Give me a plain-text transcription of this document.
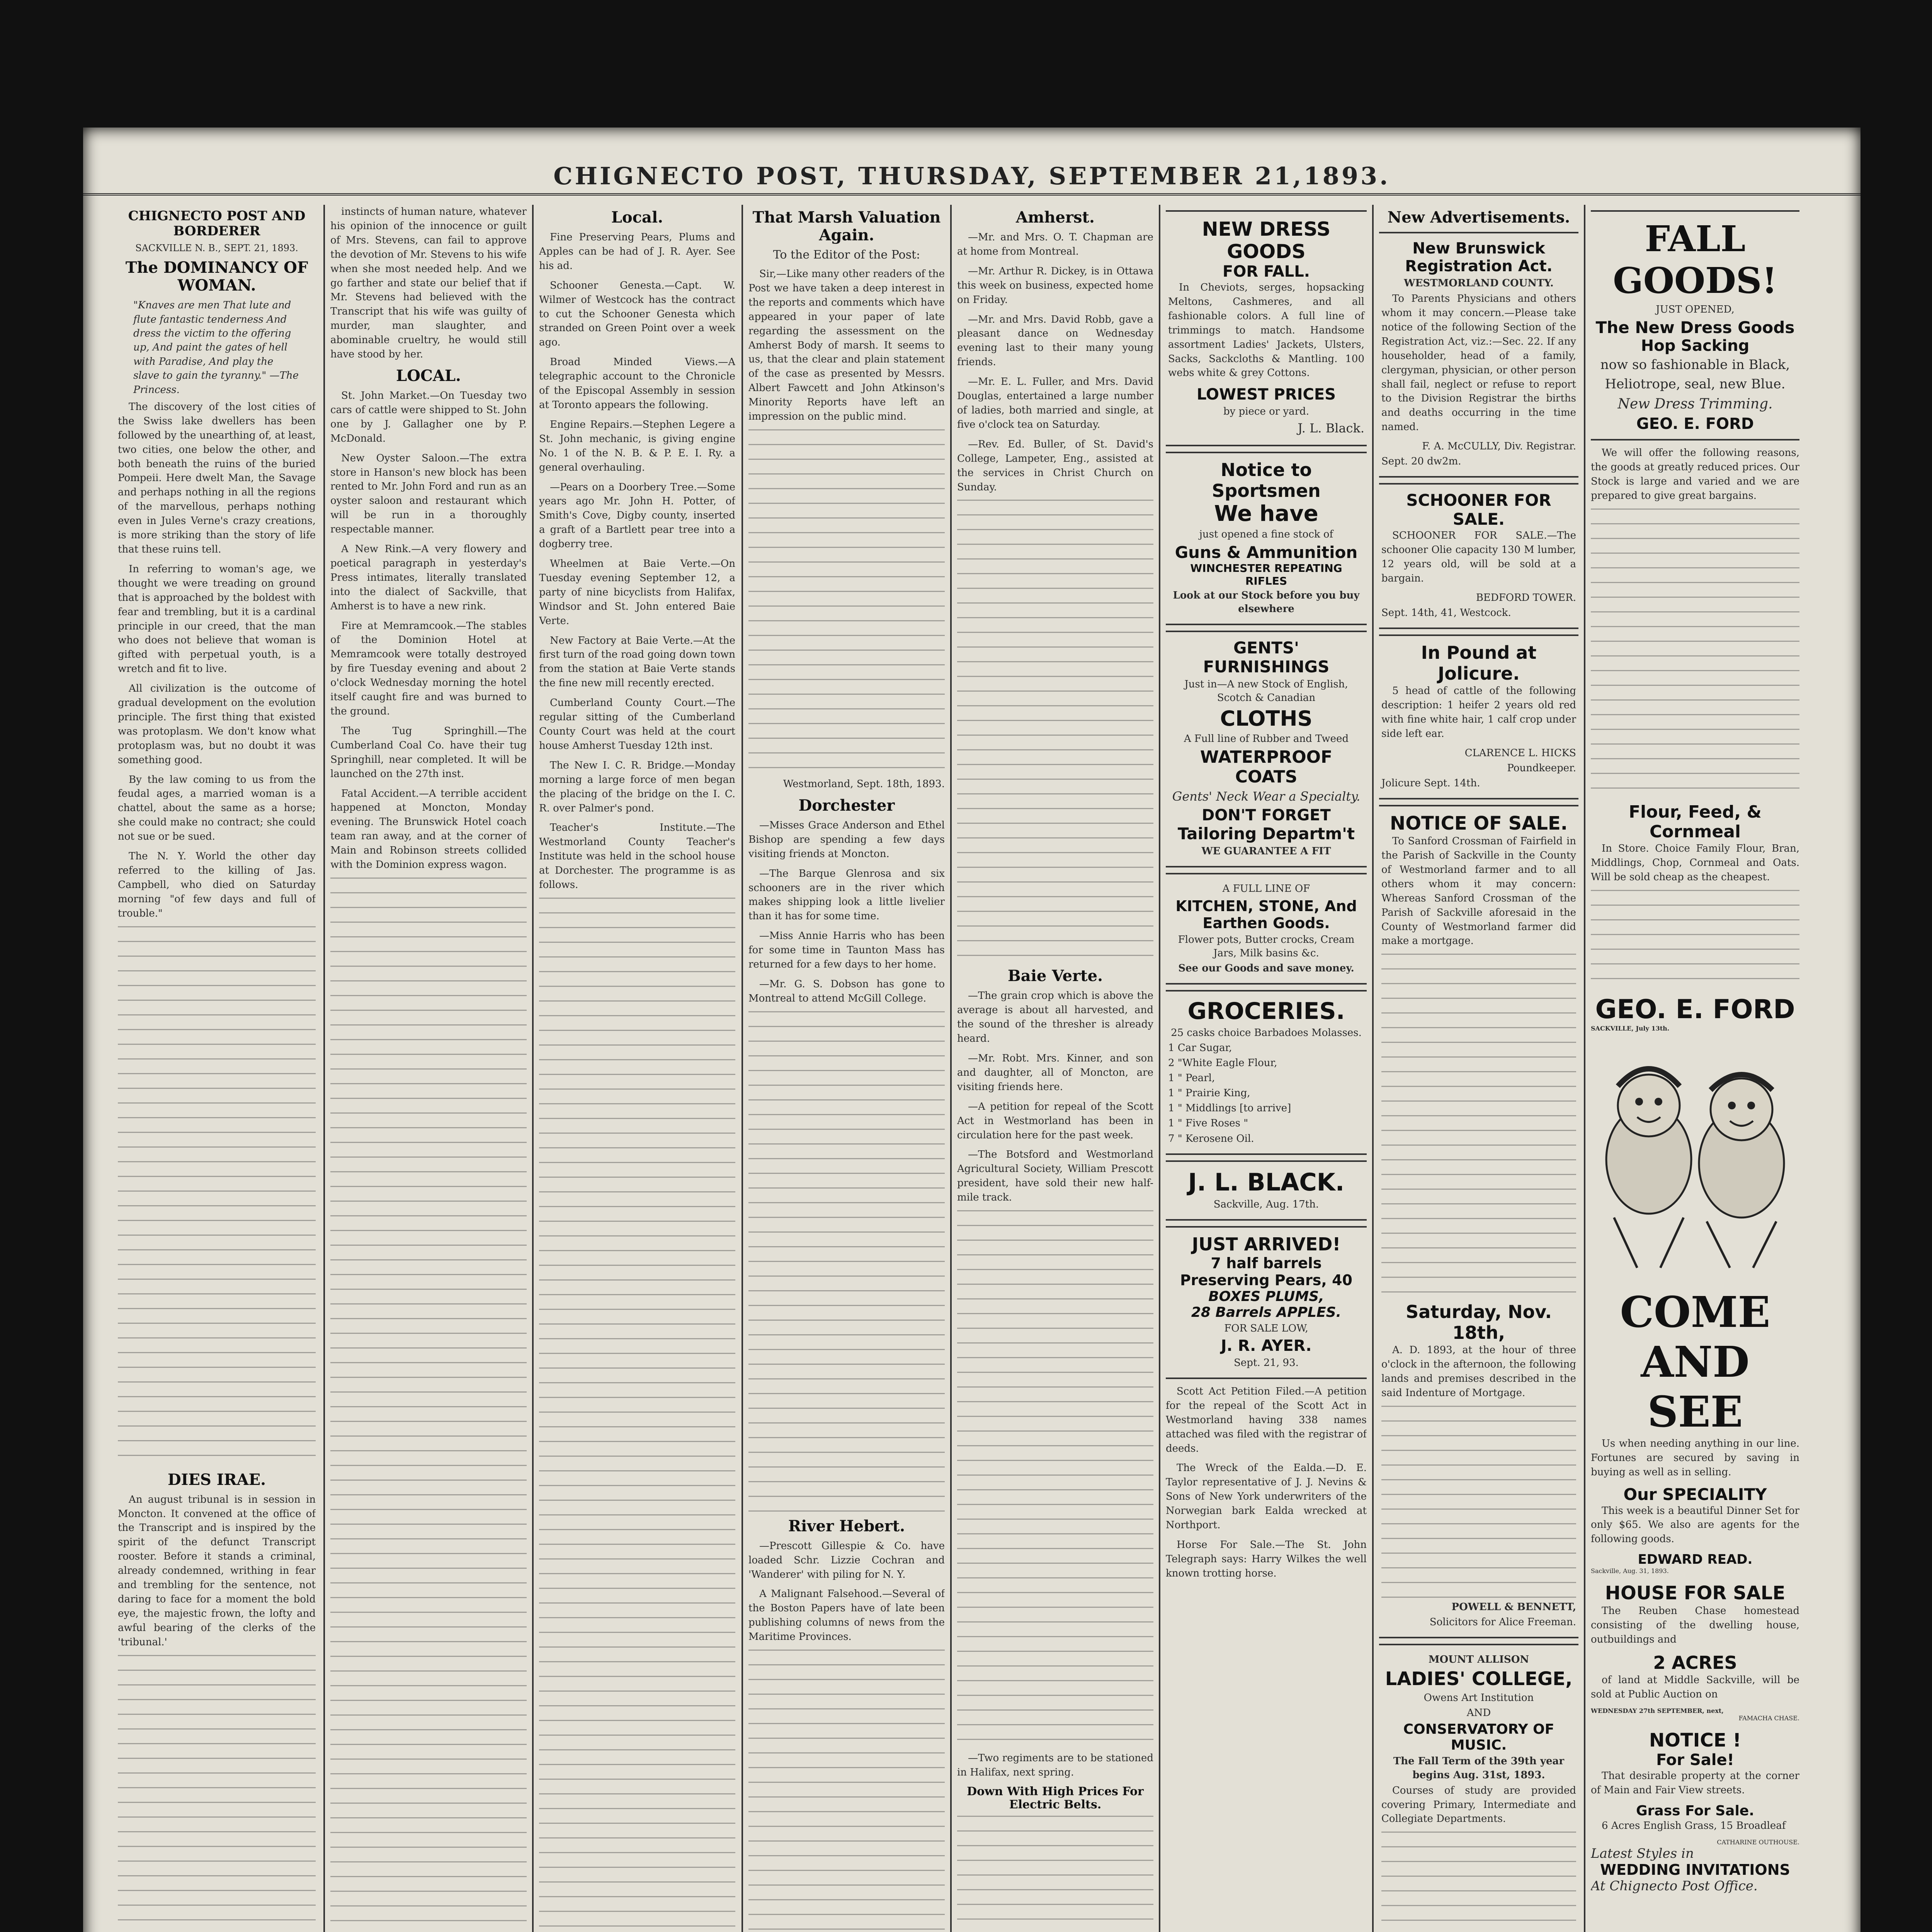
CHIGNECTO POST, THURSDAY, SEPTEMBER 21,1893.
CHIGNECTO POST AND BORDERER
SACKVILLE N. B., SEPT. 21, 1893.
The DOMINANCY OF WOMAN.

"Knaves are men That lute and flute fantastic tenderness And dress the victim to the offering up, And paint the gates of hell with Paradise, And play the slave to gain the tyranny." —The Princess.

The discovery of the lost cities of the Swiss lake dwellers has been followed by the unearthing of, at least, two cities, one below the other, and both beneath the ruins of the buried Pompeii. Here dwelt Man, the Savage and perhaps nothing in all the regions of the marvellous, perhaps nothing even in Jules Verne's crazy creations, is more striking than the story of life that these ruins tell.

In referring to woman's age, we thought we were treading on ground that is approached by the boldest with fear and trembling, but it is a cardinal principle in our creed, that the man who does not believe that woman is gifted with perpetual youth, is a wretch and fit to live.

All civilization is the outcome of gradual development on the evolution principle. The first thing that existed was protoplasm. We don't know what protoplasm was, but no doubt it was something good.

By the law coming to us from the feudal ages, a married woman is a chattel, about the same as a horse; she could make no contract; she could not sue or be sued.

The N. Y. World the other day referred to the killing of Jas. Campbell, who died on Saturday morning "of few days and full of trouble."

DIES IRAE.

An august tribunal is in session in Moncton. It convened at the office of the Transcript and is inspired by the spirit of the defunct Transcript rooster. Before it stands a criminal, already condemned, writhing in fear and trembling for the sentence, not daring to face for a moment the bold eye, the majestic frown, the lofty and awful bearing of the clerks of the 'tribunal.'

instincts of human nature, whatever his opinion of the innocence or guilt of Mrs. Stevens, can fail to approve the devotion of Mr. Stevens to his wife when she most needed help. And we go farther and state our belief that if Mr. Stevens had believed with the Transcript that his wife was guilty of murder, man slaughter, and abominable crueltry, he would still have stood by her.

LOCAL.

St. John Market.—On Tuesday two cars of cattle were shipped to St. John one by J. Gallagher one by P. McDonald.

New Oyster Saloon.—The extra store in Hanson's new block has been rented to Mr. John Ford and run as an oyster saloon and restaurant which will be run in a thoroughly respectable manner.

A New Rink.—A very flowery and poetical paragraph in yesterday's Press intimates, literally translated into the dialect of Sackville, that Amherst is to have a new rink.

Fire at Memramcook.—The stables of the Dominion Hotel at Memramcook were totally destroyed by fire Tuesday evening and about 2 o'clock Wednesday morning the hotel itself caught fire and was burned to the ground.

The Tug Springhill.—The Cumberland Coal Co. have their tug Springhill, near completed. It will be launched on the 27th inst.

Fatal Accident.—A terrible accident happened at Moncton, Monday evening. The Brunswick Hotel coach team ran away, and at the corner of Main and Robinson streets collided with the Dominion express wagon.

Local.

Fine Preserving Pears, Plums and Apples can be had of J. R. Ayer. See his ad.

Schooner Genesta.—Capt. W. Wilmer of Westcock has the contract to cut the Schooner Genesta which stranded on Green Point over a week ago.

Broad Minded Views.—A telegraphic account to the Chronicle of the Episcopal Assembly in session at Toronto appears the following.

Engine Repairs.—Stephen Legere a St. John mechanic, is giving engine No. 1 of the N. B. & P. E. I. Ry. a general overhauling.

—Pears on a Doorbery Tree.—Some years ago Mr. John H. Potter, of Smith's Cove, Digby county, inserted a graft of a Bartlett pear tree into a dogberry tree.

Wheelmen at Baie Verte.—On Tuesday evening September 12, a party of nine bicyclists from Halifax, Windsor and St. John entered Baie Verte.

New Factory at Baie Verte.—At the first turn of the road going down town from the station at Baie Verte stands the fine new mill recently erected.

Cumberland County Court.—The regular sitting of the Cumberland County Court was held at the court house Amherst Tuesday 12th inst.

The New I. C. R. Bridge.—Monday morning a large force of men began the placing of the bridge on the I. C. R. over Palmer's pond.

Teacher's Institute.—The Westmorland County Teacher's Institute was held in the school house at Dorchester. The programme is as follows.

That Marsh Valuation Again.
To the Editor of the Post:

Sir,—Like many other readers of the Post we have taken a deep interest in the reports and comments which have appeared in your paper of late regarding the assessment on the Amherst Body of marsh. It seems to us, that the clear and plain statement of the case as presented by Messrs. Albert Fawcett and John Atkinson's Minority Reports have left an impression on the public mind.

Westmorland, Sept. 18th, 1893.

Dorchester

—Misses Grace Anderson and Ethel Bishop are spending a few days visiting friends at Moncton.

—The Barque Glenrosa and six schooners are in the river which makes shipping look a little livelier than it has for some time.

—Miss Annie Harris who has been for some time in Taunton Mass has returned for a few days to her home.

—Mr. G. S. Dobson has gone to Montreal to attend McGill College.

River Hebert.

—Prescott Gillespie & Co. have loaded Schr. Lizzie Cochran and 'Wanderer' with piling for N. Y.

A Malignant Falsehood.—Several of the Boston Papers have of late been publishing columns of news from the Maritime Provinces.

Amherst.

—Mr. and Mrs. O. T. Chapman are at home from Montreal.

—Mr. Arthur R. Dickey, is in Ottawa this week on business, expected home on Friday.

—Mr. and Mrs. David Robb, gave a pleasant dance on Wednesday evening last to their many young friends.

—Mr. E. L. Fuller, and Mrs. David Douglas, entertained a large number of ladies, both married and single, at five o'clock tea on Saturday.

—Rev. Ed. Buller, of St. David's College, Lampeter, Eng., assisted at the services in Christ Church on Sunday.

Baie Verte.

—The grain crop which is above the average is about all harvested, and the sound of the thresher is already heard.

—Mr. Robt. Mrs. Kinner, and son and daughter, all of Moncton, are visiting friends here.

—A petition for repeal of the Scott Act in Westmorland has been in circulation here for the past week.

—The Botsford and Westmorland Agricultural Society, William Prescott president, have sold their new half-mile track.

—Two regiments are to be stationed in Halifax, next spring.

Down With High Prices For Electric Belts.
NEW DRESS GOODS
FOR FALL.

In Cheviots, serges, hopsacking Meltons, Cashmeres, and all fashionable colors. A full line of trimmings to match. Handsome assortment Ladies' Jackets, Ulsters, Sacks, Sackcloths & Mantling. 100 webs white & grey Cottons.

LOWEST PRICES
by piece or yard.
J. L. Black.
Notice to Sportsmen
We have
just opened a fine stock of
Guns & Ammunition
WINCHESTER REPEATING RIFLES
Look at our Stock before you buy elsewhere
GENTS' FURNISHINGS
Just in—A new Stock of English, Scotch & Canadian
CLOTHS
A Full line of Rubber and Tweed
WATERPROOF COATS
Gents' Neck Wear a Specialty.
DON'T FORGET
Tailoring Departm't
WE GUARANTEE A FIT
A FULL LINE OF
KITCHEN, STONE, And Earthen Goods.
Flower pots, Butter crocks, Cream Jars, Milk basins &c.
See our Goods and save money.
GROCERIES.
25 casks choice Barbadoes Molasses.
1 Car Sugar,
2 "White Eagle Flour,
1 " Pearl,
1 " Prairie King,
1 " Middlings [to arrive]
1 " Five Roses "
7 " Kerosene Oil.
J. L. BLACK.
Sackville, Aug. 17th.
JUST ARRIVED!
7 half barrels Preserving Pears, 40
BOXES PLUMS,
28 Barrels APPLES.
FOR SALE LOW,
J. R. AYER.
Sept. 21, 93.

Scott Act Petition Filed.—A petition for the repeal of the Scott Act in Westmorland having 338 names attached was filed with the registrar of deeds.

The Wreck of the Ealda.—D. E. Taylor representative of J. J. Nevins & Sons of New York underwriters of the Norwegian bark Ealda wrecked at Northport.

Horse For Sale.—The St. John Telegraph says: Harry Wilkes the well known trotting horse.

New Advertisements.
New Brunswick
Registration Act.
WESTMORLAND COUNTY.

To Parents Physicians and others whom it may concern.—Please take notice of the following Section of the Registration Act, viz.:—Sec. 22. If any householder, head of a family, clergyman, physician, or other person shall fail, neglect or refuse to report to the Division Registrar the births and deaths occurring in the time named.

F. A. McCULLY, Div. Registrar.
Sept. 20 dw2m.
SCHOONER FOR SALE.

SCHOONER FOR SALE.—The schooner Olie capacity 130 M lumber, 12 years old, will be sold at a bargain.

BEDFORD TOWER.
Sept. 14th, 41, Westcock.
In Pound at Jolicure.

5 head of cattle of the following description: 1 heifer 2 years old red with fine white hair, 1 calf crop under side left ear.

CLARENCE L. HICKS
Poundkeeper.
Jolicure Sept. 14th.
NOTICE OF SALE.

To Sanford Crossman of Fairfield in the Parish of Sackville in the County of Westmorland farmer and to all others whom it may concern: Whereas Sanford Crossman of the Parish of Sackville aforesaid in the County of Westmorland farmer did make a mortgage.

Saturday, Nov. 18th,

A. D. 1893, at the hour of three o'clock in the afternoon, the following lands and premises described in the said Indenture of Mortgage.

POWELL & BENNETT,
Solicitors for Alice Freeman.
MOUNT ALLISON
LADIES' COLLEGE,
Owens Art Institution
AND
CONSERVATORY OF MUSIC.
The Fall Term of the 39th year begins Aug. 31st, 1893.

Courses of study are provided covering Primary, Intermediate and Collegiate Departments.

FALL GOODS!
JUST OPENED,
The New Dress Goods
Hop Sacking
now so fashionable in Black,
Heliotrope, seal, new Blue.
New Dress Trimming.
GEO. E. FORD

We will offer the following reasons, the goods at greatly reduced prices. Our Stock is large and varied and we are prepared to give great bargains.

Flour, Feed, & Cornmeal

In Store. Choice Family Flour, Bran, Middlings, Chop, Cornmeal and Oats. Will be sold cheap as the cheapest.

GEO. E. FORD
SACKVILLE, July 13th.
COME
AND
SEE

Us when needing anything in our line. Fortunes are secured by saving in buying as well as in selling.

Our SPECIALITY

This week is a beautiful Dinner Set for only $65. We also are agents for the following goods.

EDWARD READ.
Sackville, Aug. 31, 1893.
HOUSE FOR SALE

The Reuben Chase homestead consisting of the dwelling house, outbuildings and

2 ACRES

of land at Middle Sackville, will be sold at Public Auction on

WEDNESDAY 27th SEPTEMBER, next,
FAMACHA CHASE.
NOTICE !
For Sale!

That desirable property at the corner of Main and Fair View streets.

Grass For Sale.

6 Acres English Grass, 15 Broadleaf

CATHARINE OUTHOUSE.
Latest Styles in
WEDDING INVITATIONS
At Chignecto Post Office.
